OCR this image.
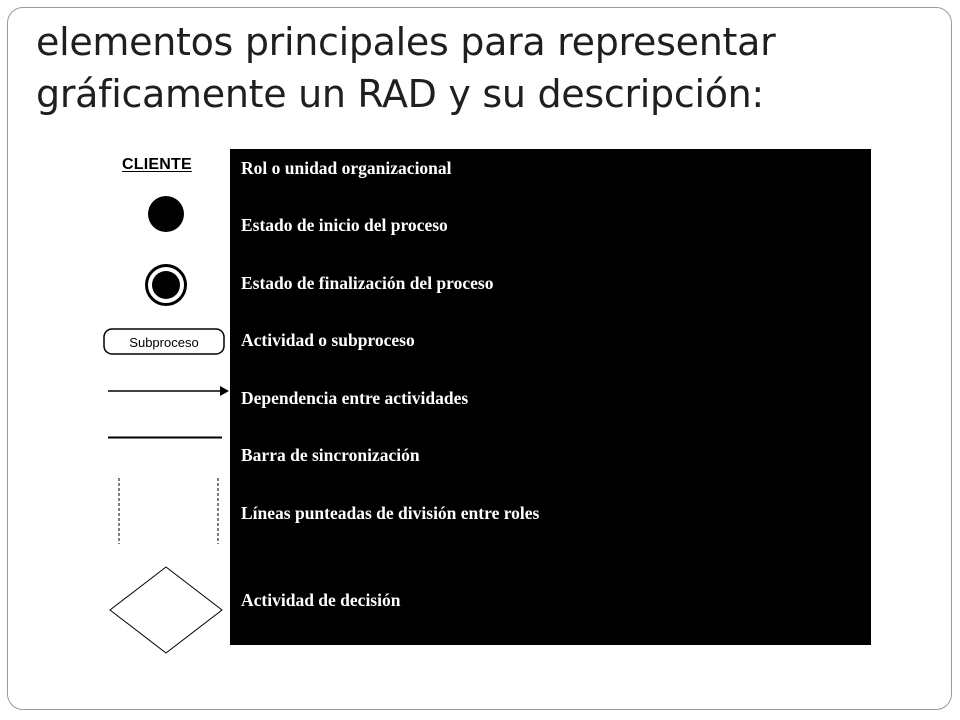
elementos principales para representar
gráficamente un RAD y su descripción:
CLIENTE
Subproceso
Rol o unidad organizacional
Estado de inicio del proceso
Estado de finalización del proceso
Actividad o subproceso
Dependencia entre actividades
Barra de sincronización
Líneas punteadas de división entre roles
Actividad de decisión
